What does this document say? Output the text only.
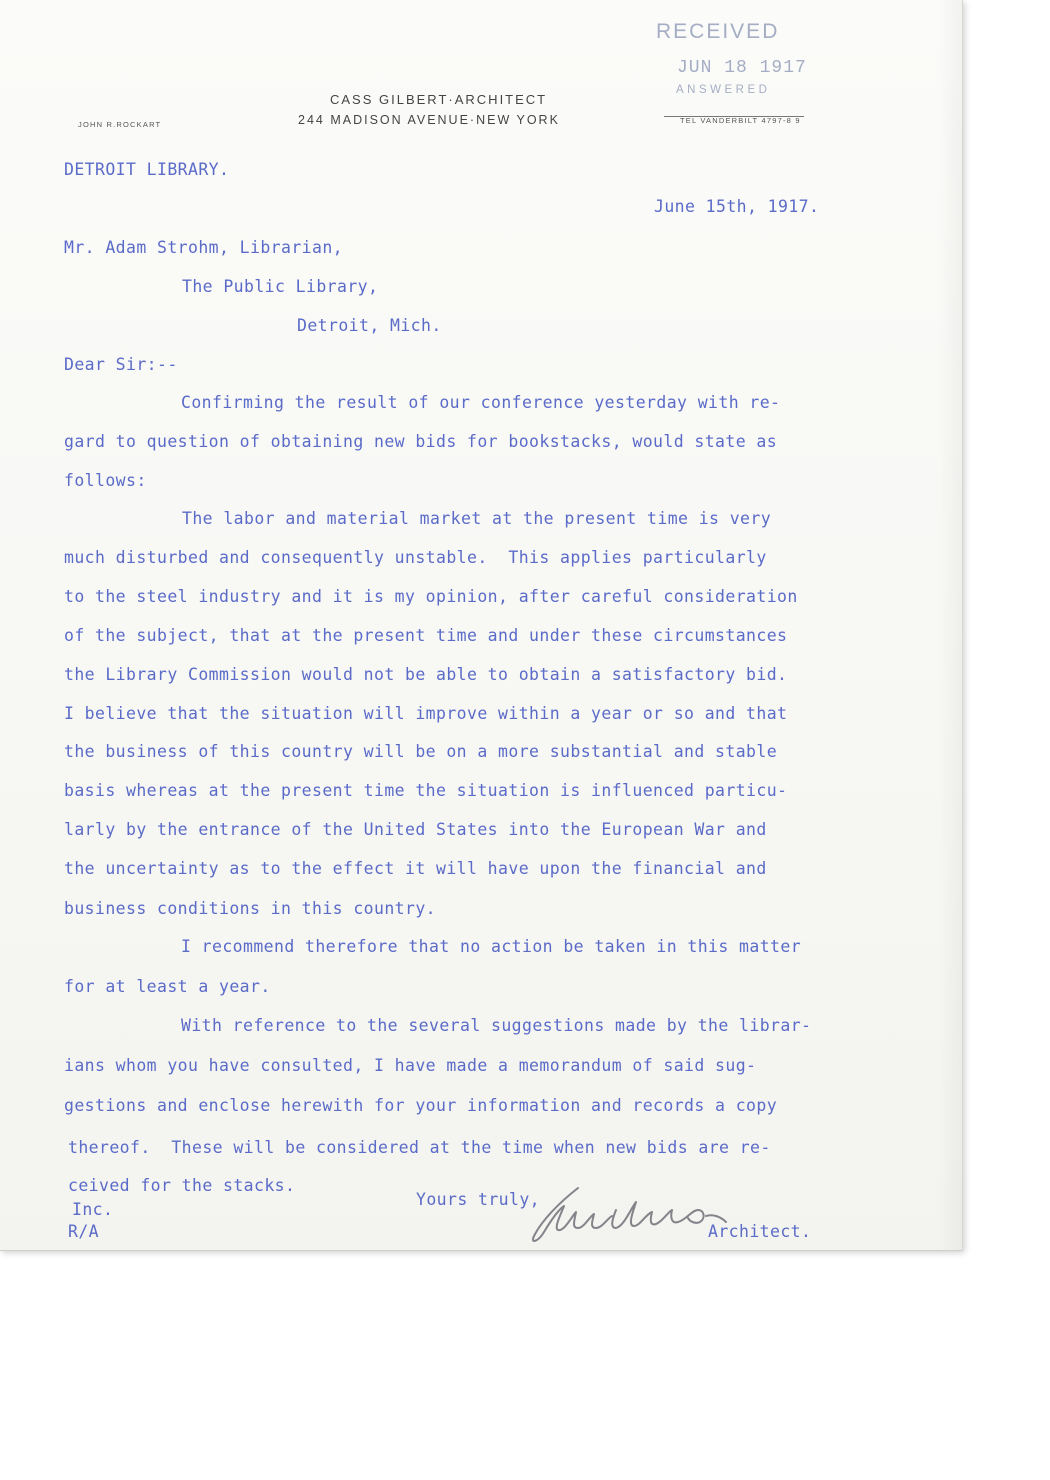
RECEIVED
JUN 18 1917
ANSWERED
CASS GILBERT·ARCHITECT
244 MADISON AVENUE·NEW YORK
JOHN R.ROCKART	TEL VANDERBILT 4797-8 9
DETROIT LIBRARY.
June 15th, 1917.
Mr. Adam Strohm, Librarian,
The Public Library,
Detroit, Mich.
Dear Sir:--
Confirming the result of our conference yesterday with re-
gard to question of obtaining new bids for bookstacks, would state as
follows:
The labor and material market at the present time is very
much disturbed and consequently unstable.  This applies particularly
to the steel industry and it is my opinion, after careful consideration
of the subject, that at the present time and under these circumstances
the Library Commission would not be able to obtain a satisfactory bid.
I believe that the situation will improve within a year or so and that
the business of this country will be on a more substantial and stable
basis whereas at the present time the situation is influenced particu-
larly by the entrance of the United States into the European War and
the uncertainty as to the effect it will have upon the financial and
business conditions in this country.
I recommend therefore that no action be taken in this matter
for at least a year.
With reference to the several suggestions made by the librar-
ians whom you have consulted, I have made a memorandum of said sug-
gestions and enclose herewith for your information and records a copy
thereof.  These will be considered at the time when new bids are re-
ceived for the stacks.
Yours truly,
Architect.
Inc.
R/A
